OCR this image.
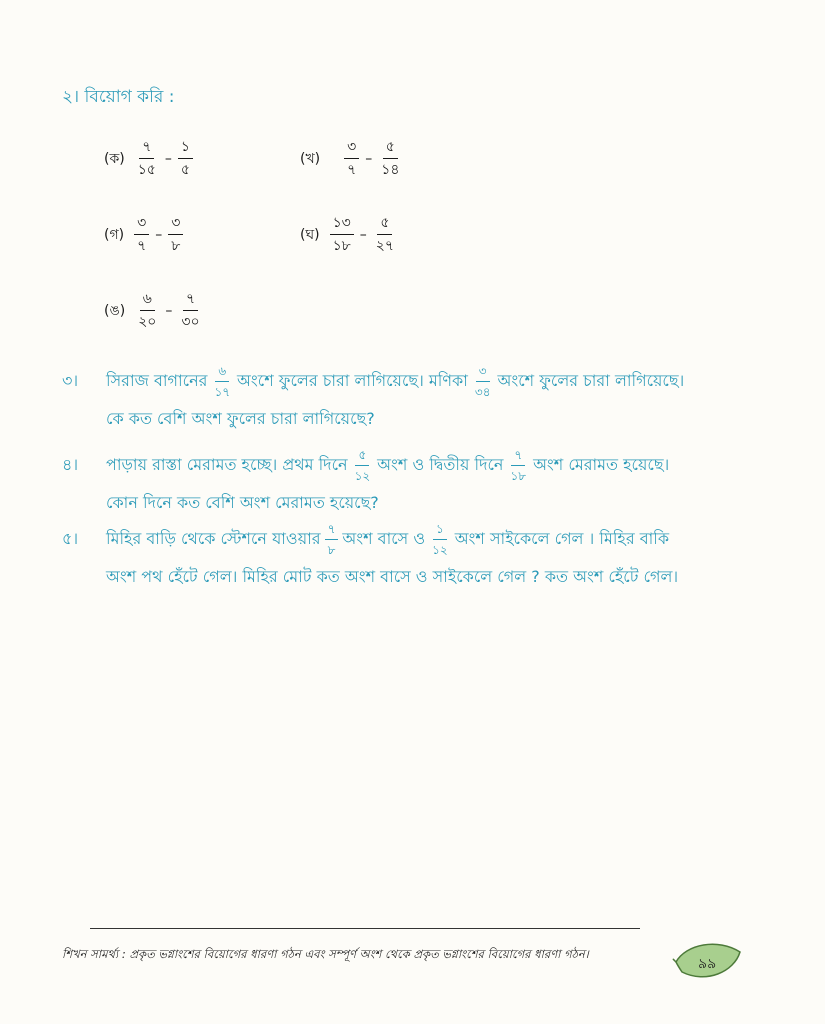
২। বিয়োগ করি :
(ক) $\frac{৭}{১৫} - \frac{১}{৫}$	(খ) $\frac{৩}{৭} - \frac{৫}{১৪}$
(গ) $\frac{৩}{৭} - \frac{৩}{৮}$	(ঘ) $\frac{১৩}{১৮} - \frac{৫}{২৭}$
(ঙ) $\frac{৬}{২০} - \frac{৭}{৩০}$
৩।	সিরাজ বাগানের $\frac{৬}{১৭}$ অংশে ফুলের চারা লাগিয়েছে। মণিকা $\frac{৩}{৩৪}$ অংশে ফুলের চারা লাগিয়েছে।
কে কত বেশি অংশ ফুলের চারা লাগিয়েছে?
৪।	পাড়ায় রাস্তা মেরামত হচ্ছে। প্রথম দিনে $\frac{৫}{১২}$ অংশ ও দ্বিতীয় দিনে $\frac{৭}{১৮}$ অংশ মেরামত হয়েছে।
কোন দিনে কত বেশি অংশ মেরামত হয়েছে?
৫।	মিহির বাড়ি থেকে স্টেশনে যাওয়ার $\frac{৭}{৮}$ অংশ বাসে ও $\frac{১}{১২}$ অংশ সাইকেলে গেল । মিহির বাকি
অংশ পথ হেঁটে গেল। মিহির মোট কত অংশ বাসে ও সাইকেলে গেল ? কত অংশ হেঁটে গেল।
শিখন সামর্থ্য : প্রকৃত ভগ্নাংশের বিয়োগের ধারণা গঠন এবং সম্পূর্ণ অংশ থেকে প্রকৃত ভগ্নাংশের বিয়োগের ধারণা গঠন।
৯৯
